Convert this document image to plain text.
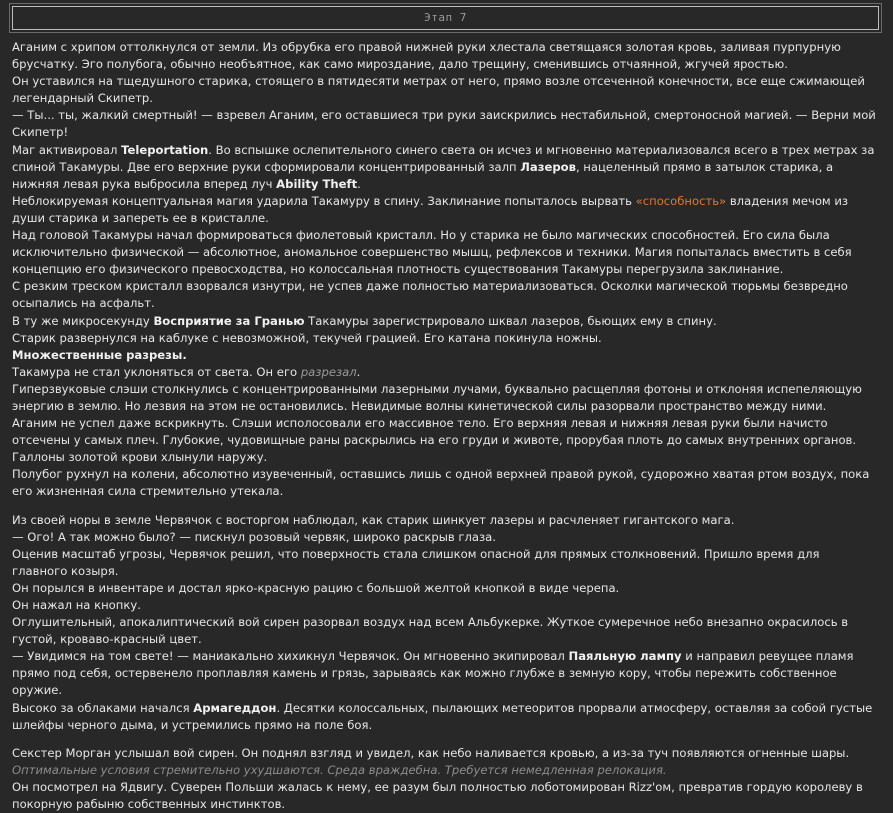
Этап 7

Аганим с хрипом оттолкнулся от земли. Из обрубка его правой нижней руки хлестала светящаяся золотая кровь, заливая пурпурную брусчатку. Эго полубога, обычно необъятное, как само мироздание, дало трещину, сменившись отчаянной, жгучей яростью.

Он уставился на тщедушного старика, стоящего в пятидесяти метрах от него, прямо возле отсеченной конечности, все еще сжимающей легендарный Скипетр.

— Ты... ты, жалкий смертный! — взревел Аганим, его оставшиеся три руки заискрились нестабильной, смертоносной магией. — Верни мой Скипетр!

Маг активировал Teleportation. Во вспышке ослепительного синего света он исчез и мгновенно материализовался всего в трех метрах за спиной Такамуры. Две его верхние руки сформировали концентрированный залп Лазеров, нацеленный прямо в затылок старика, а нижняя левая рука выбросила вперед луч Ability Theft.

Неблокируемая концептуальная магия ударила Такамуру в спину. Заклинание попыталось вырвать «способность» владения мечом из души старика и запереть ее в кристалле.

Над головой Такамуры начал формироваться фиолетовый кристалл. Но у старика не было магических способностей. Его сила была исключительно физической — абсолютное, аномальное совершенство мышц, рефлексов и техники. Магия попыталась вместить в себя концепцию его физического превосходства, но колоссальная плотность существования Такамуры перегрузила заклинание.

С резким треском кристалл взорвался изнутри, не успев даже полностью материализоваться. Осколки магической тюрьмы безвредно осыпались на асфальт.

В ту же микросекунду Восприятие за Гранью Такамуры зарегистрировало шквал лазеров, бьющих ему в спину.

Старик развернулся на каблуке с невозможной, текучей грацией. Его катана покинула ножны.

Множественные разрезы.

Такамура не стал уклоняться от света. Он его разрезал.

Гиперзвуковые слэши столкнулись с концентрированными лазерными лучами, буквально расщепляя фотоны и отклоняя испепеляющую энергию в землю. Но лезвия на этом не остановились. Невидимые волны кинетической силы разорвали пространство между ними.

Аганим не успел даже вскрикнуть. Слэши исполосовали его массивное тело. Его верхняя левая и нижняя левая руки были начисто отсечены у самых плеч. Глубокие, чудовищные раны раскрылись на его груди и животе, прорубая плоть до самых внутренних органов. Галлоны золотой крови хлынули наружу.

Полубог рухнул на колени, абсолютно изувеченный, оставшись лишь с одной верхней правой рукой, судорожно хватая ртом воздух, пока его жизненная сила стремительно утекала.

Из своей норы в земле Червячок с восторгом наблюдал, как старик шинкует лазеры и расчленяет гигантского мага.

— Ого! А так можно было? — пискнул розовый червяк, широко раскрыв глаза.

Оценив масштаб угрозы, Червячок решил, что поверхность стала слишком опасной для прямых столкновений. Пришло время для главного козыря.

Он порылся в инвентаре и достал ярко-красную рацию с большой желтой кнопкой в виде черепа.

Он нажал на кнопку.

Оглушительный, апокалиптический вой сирен разорвал воздух над всем Альбукерке. Жуткое сумеречное небо внезапно окрасилось в густой, кроваво-красный цвет.

— Увидимся на том свете! — маниакально хихикнул Червячок. Он мгновенно экипировал Паяльную лампу и направил ревущее пламя прямо под себя, остервенело проплавляя камень и грязь, зарываясь как можно глубже в земную кору, чтобы пережить собственное оружие.

Высоко за облаками начался Армагеддон. Десятки колоссальных, пылающих метеоритов прорвали атмосферу, оставляя за собой густые шлейфы черного дыма, и устремились прямо на поле боя.

Секстер Морган услышал вой сирен. Он поднял взгляд и увидел, как небо наливается кровью, а из-за туч появляются огненные шары.

Оптимальные условия стремительно ухудшаются. Среда враждебна. Требуется немедленная релокация.

Он посмотрел на Ядвигу. Суверен Польши жалась к нему, ее разум был полностью лоботомирован Rizz'ом, превратив гордую королеву в покорную рабыню собственных инстинктов.
